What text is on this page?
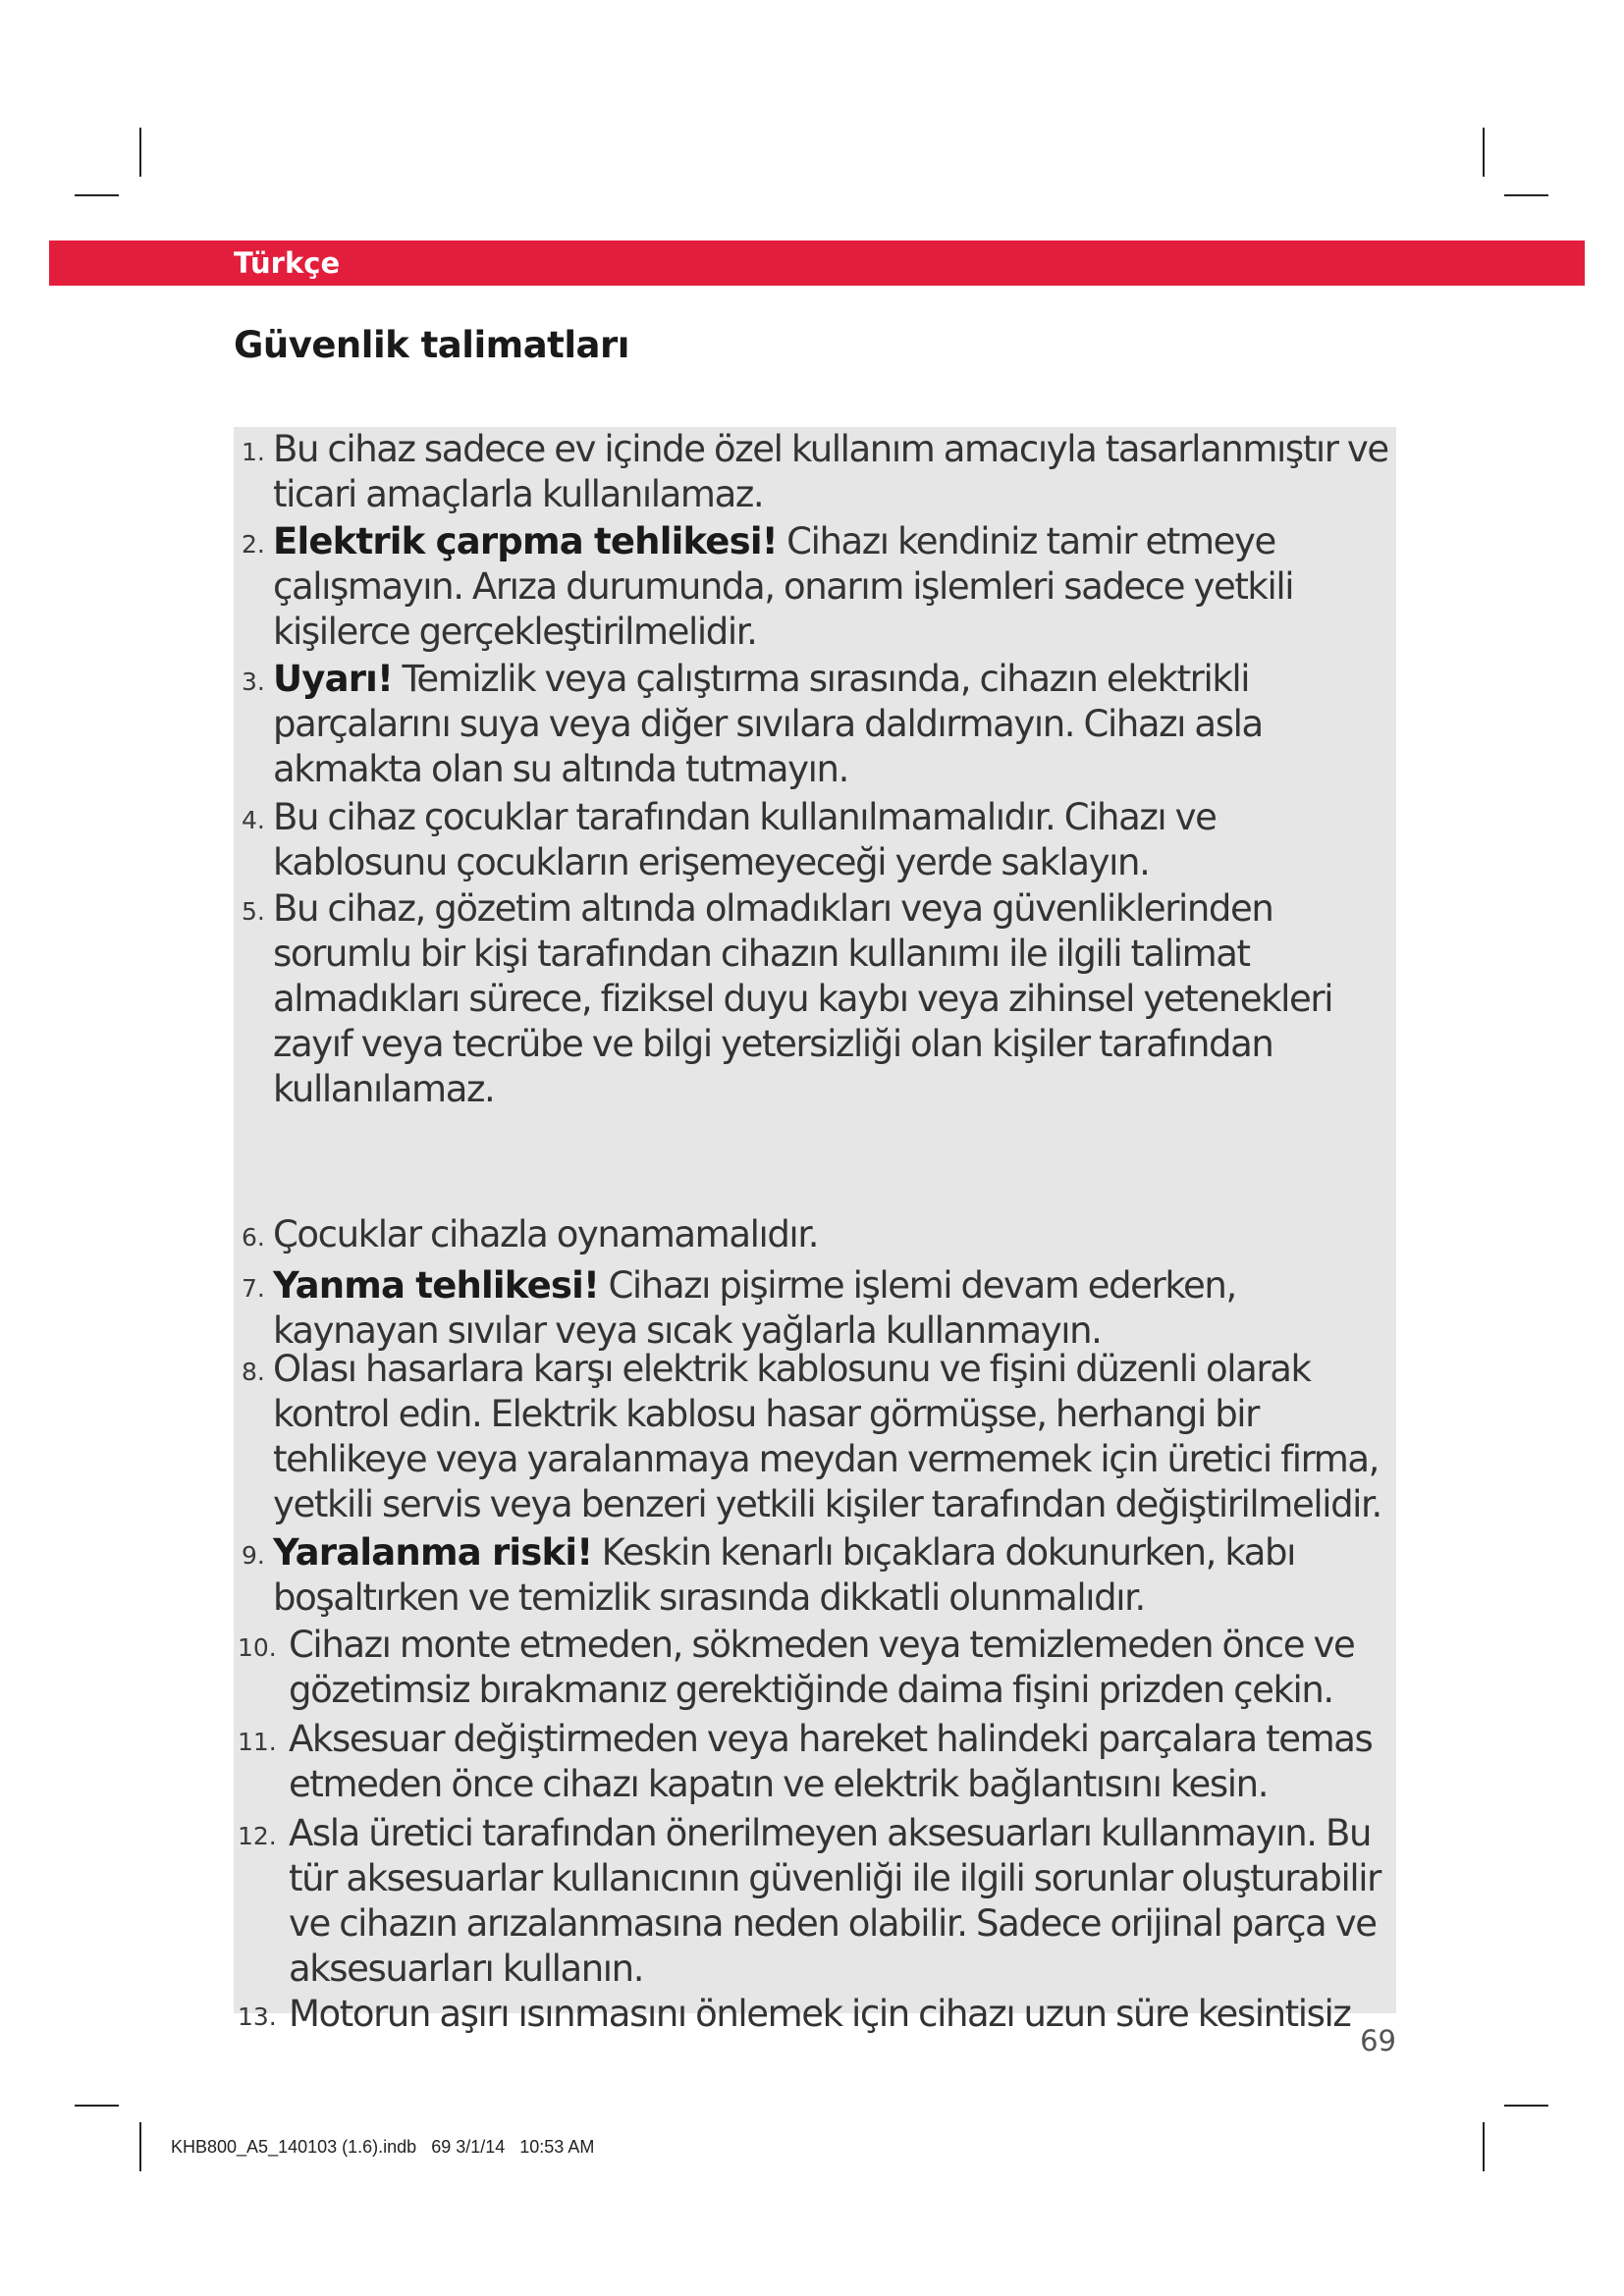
Türkçe
Güvenlik talimatları
1. Bu cihaz sadece ev içinde özel kullanım amacıyla tasarlanmıştır ve ticari amaçlarla kullanılamaz.
2. Elektrik çarpma tehlikesi! Cihazı kendiniz tamir etmeye çalışmayın. Arıza durumunda, onarım işlemleri sadece yetkili kişilerce gerçekleştirilmelidir.
3. Uyarı! Temizlik veya çalıştırma sırasında, cihazın elektrikli parçalarını suya veya diğer sıvılara daldırmayın. Cihazı asla akmakta olan su altında tutmayın.
4. Bu cihaz çocuklar tarafından kullanılmamalıdır. Cihazı ve kablosunu çocukların erişemeyeceği yerde saklayın.
5. Bu cihaz, gözetim altında olmadıkları veya güvenliklerinden sorumlu bir kişi tarafından cihazın kullanımı ile ilgili talimat almadıkları sürece, fiziksel duyu kaybı veya zihinsel yetenekleri zayıf veya tecrübe ve bilgi yetersizliği olan kişiler tarafından kullanılamaz.
6. Çocuklar cihazla oynamamalıdır.
7. Yanma tehlikesi! Cihazı pişirme işlemi devam ederken, kaynayan sıvılar veya sıcak yağlarla kullanmayın.
8. Olası hasarlara karşı elektrik kablosunu ve fişini düzenli olarak kontrol edin. Elektrik kablosu hasar görmüşse, herhangi bir tehlikeye veya yaralanmaya meydan vermemek için üretici firma, yetkili servis veya benzeri yetkili kişiler tarafından değiştirilmelidir.
9. Yaralanma riski! Keskin kenarlı bıçaklara dokunurken, kabı boşaltırken ve temizlik sırasında dikkatli olunmalıdır.
10. Cihazı monte etmeden, sökmeden veya temizlemeden önce ve gözetimsiz bırakmanız gerektiğinde daima fişini prizden çekin.
11. Aksesuar değiştirmeden veya hareket halindeki parçalara temas etmeden önce cihazı kapatın ve elektrik bağlantısını kesin.
12. Asla üretici tarafından önerilmeyen aksesuarları kullanmayın. Bu tür aksesuarlar kullanıcının güvenliği ile ilgili sorunlar oluşturabilir ve cihazın arızalanmasına neden olabilir. Sadece orijinal parça ve aksesuarları kullanın.
13. Motorun aşırı ısınmasını önlemek için cihazı uzun süre kesintisiz
69
KHB800_A5_140103 (1.6).indb   69 3/1/14   10:53 AM
